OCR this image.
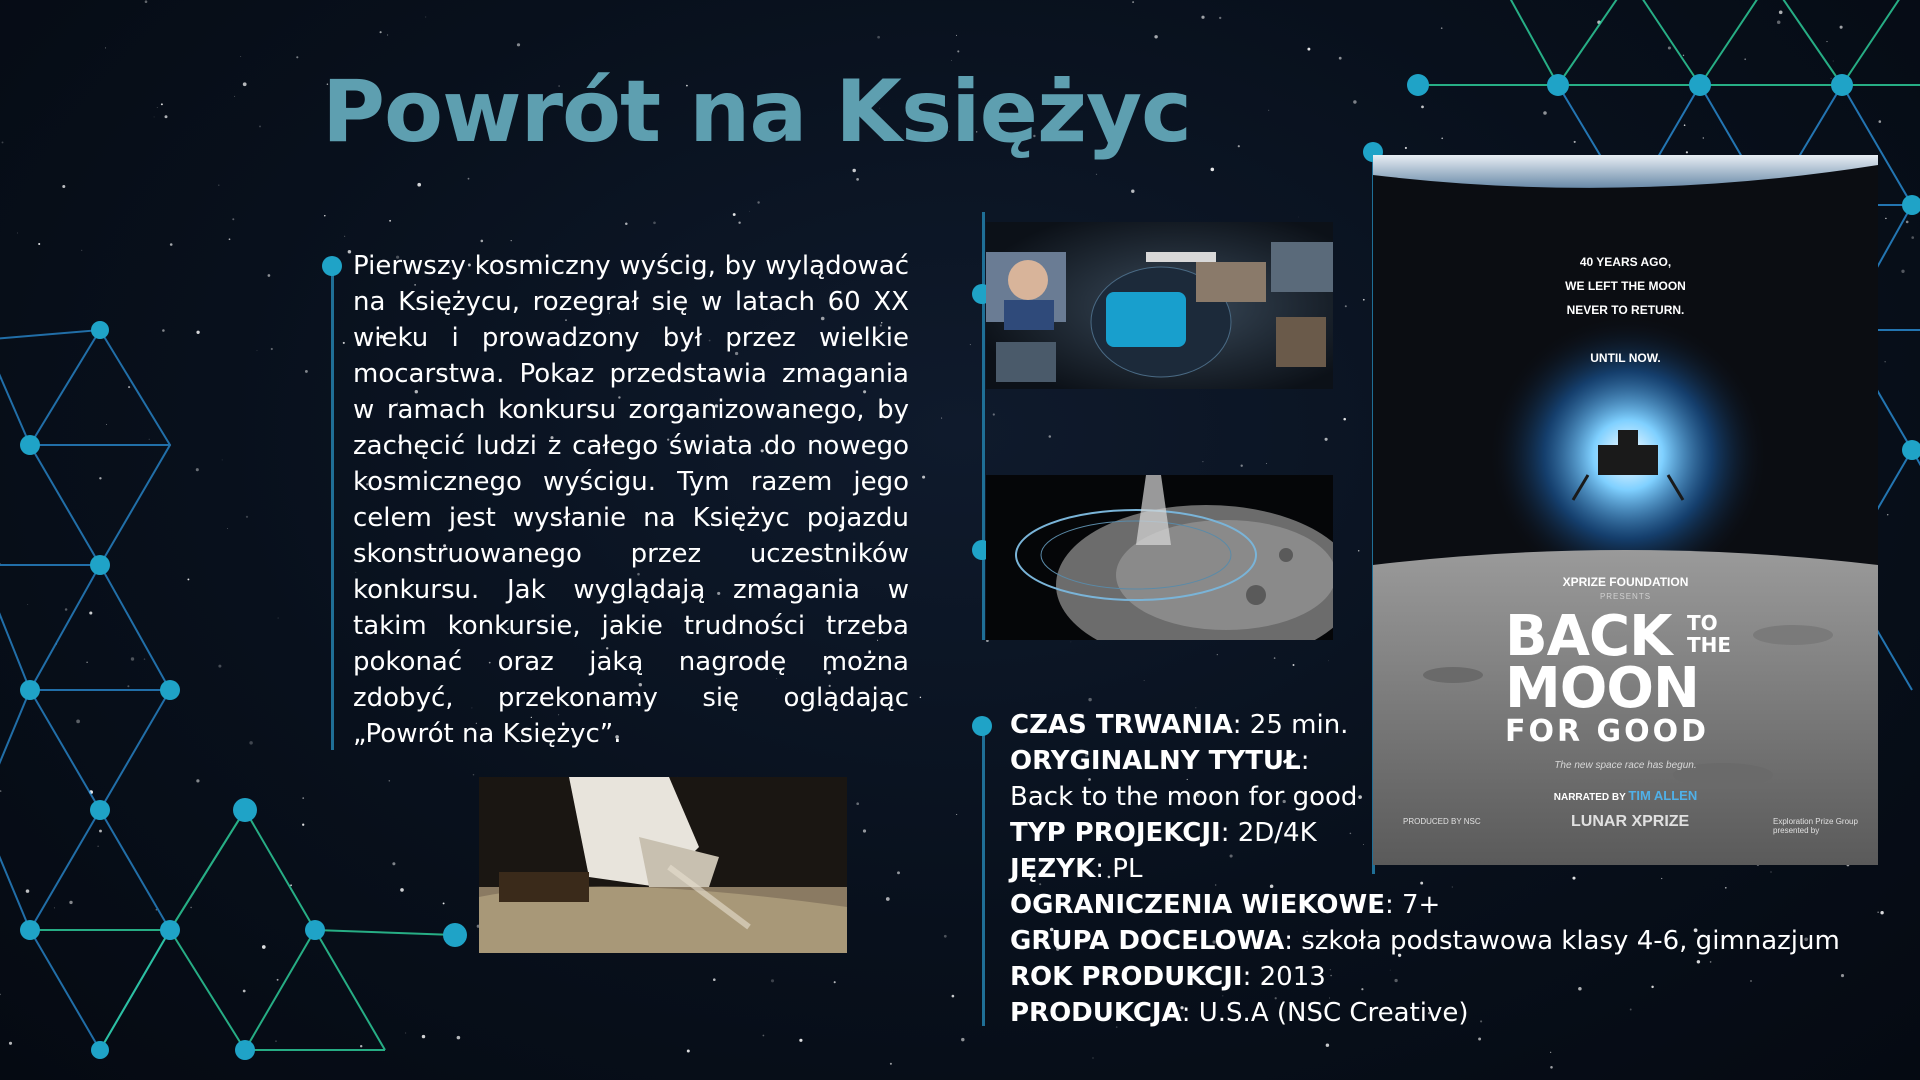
Powrót na Księżyc
Pierwszy kosmiczny wyścig, by wylądować na Księżycu, rozegrał się w latach 60 XX wieku i prowadzony był przez wielkie mocarstwa. Pokaz przedstawia zmagania w ramach konkursu zorganizowanego, by zachęcić ludzi z całego świata do nowego kosmicznego wyścigu. Tym razem jego celem jest wysłanie na Księżyc pojazdu skonstruowanego przez uczestników konkursu. Jak wyglądają zmagania w takim konkursie, jakie trudności trzeba pokonać oraz jaką nagrodę można zdobyć, przekonamy się oglądając „Powrót na Księżyc”.	CZAS TRWANIA: 25 min.
ORYGINALNY TYTUŁ:
Back to the moon for good
TYP PROJEKCJI: 2D/4K
JĘZYK: PL
OGRANICZENIA WIEKOWE: 7+
GRUPA DOCELOWA: szkoła podstawowa klasy 4-6, gimnazjum
ROK PRODUKCJI: 2013
PRODUKCJA: U.S.A (NSC Creative)
40 YEARS AGO,
WE LEFT THE MOON
NEVER TO RETURN.

UNTIL NOW.
XPRIZE FOUNDATION
PRESENTS
BACK TO
THE
MOON
FOR GOOD
The new space race has begun.
NARRATED BY TIM ALLEN
PRODUCED BY NSC	LUNAR XPRIZE	Exploration Prize Group presented by
